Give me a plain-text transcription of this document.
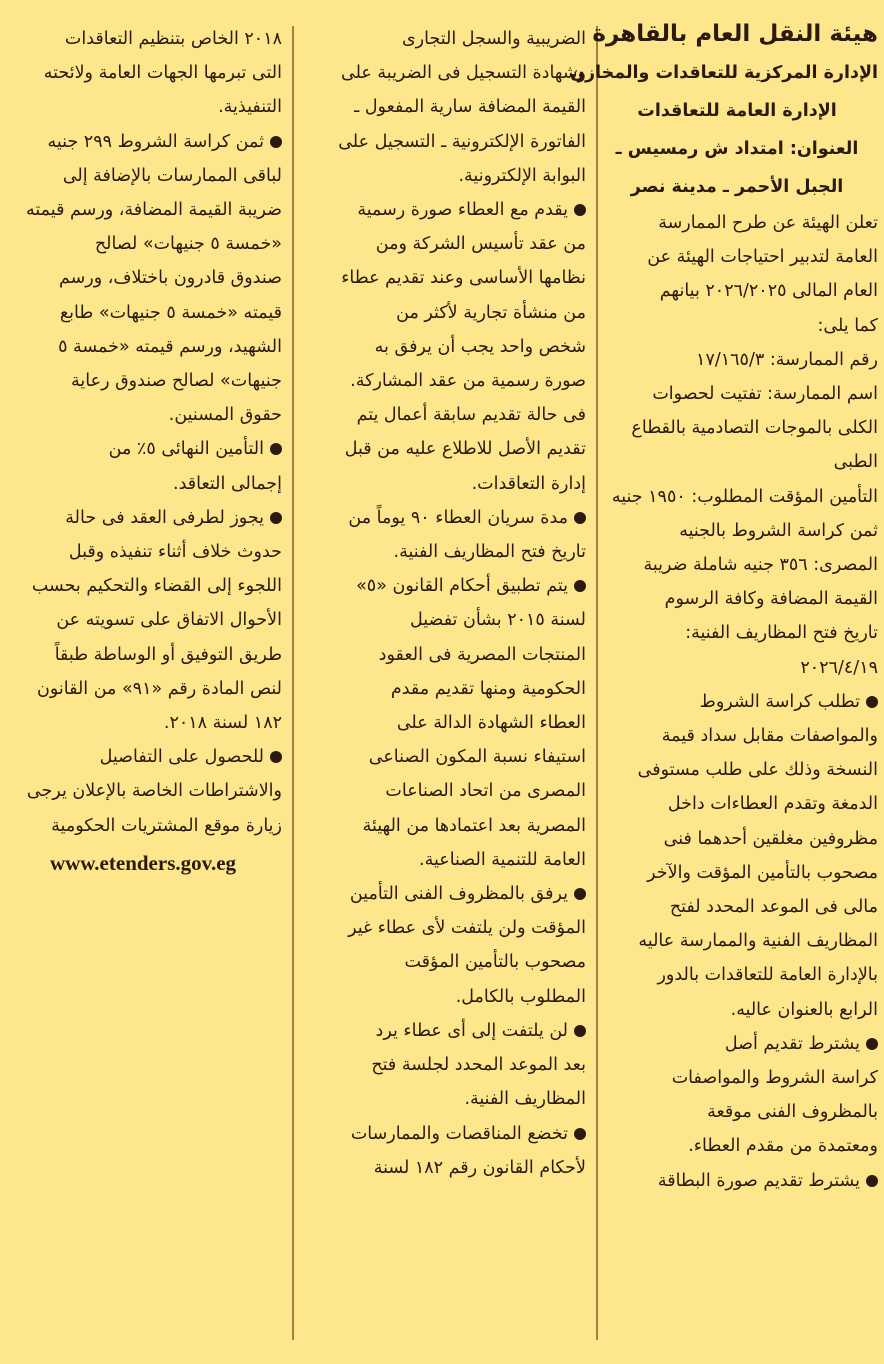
هيئة النقل العام بالقاهرة
الإدارة المركزية للتعاقدات والمخازن
الإدارة العامة للتعاقدات
العنوان: امتداد ش رمسيس ـ
الجبل الأحمر ـ مدينة نصر
تعلن الهيئة عن طرح الممارسة
العامة لتدبير احتياجات الهيئة عن
العام المالى ٢٠٢٦/٢٠٢٥ بيانهم
كما يلى:
رقم الممارسة: ١٧/١٦٥/٣
اسم الممارسة: تفتيت لحصوات
الكلى بالموجات التصادمية بالقطاع
الطبى
التأمين المؤقت المطلوب: ١٩٥٠ جنيه
ثمن كراسة الشروط بالجنيه
المصرى: ٣٥٦ جنيه شاملة ضريبة
القيمة المضافة وكافة الرسوم
تاريخ فتح المظاريف الفنية:
٢٠٢٦/٤/١٩
تطلب كراسة الشروط
والمواصفات مقابل سداد قيمة
النسخة وذلك على طلب مستوفى
الدمغة وتقدم العطاءات داخل
مظروفين مغلقين أحدهما فنى
مصحوب بالتأمين المؤقت والآخر
مالى فى الموعد المحدد لفتح
المظاريف الفنية والممارسة عاليه
بالإدارة العامة للتعاقدات بالدور
الرابع بالعنوان عاليه.
يشترط تقديم أصل
كراسة الشروط والمواصفات
بالمظروف الفنى موقعة
ومعتمدة من مقدم العطاء.
يشترط تقديم صورة البطاقة
الضريبية والسجل التجارى
وشهادة التسجيل فى الضريبة على
القيمة المضافة سارية المفعول ـ
الفاتورة الإلكترونية ـ التسجيل على
البوابة الإلكترونية.
يقدم مع العطاء صورة رسمية
من عقد تأسيس الشركة ومن
نظامها الأساسى وعند تقديم عطاء
من منشأة تجارية لأكثر من
شخص واحد يجب أن يرفق به
صورة رسمية من عقد المشاركة.
فى حالة تقديم سابقة أعمال يتم
تقديم الأصل للاطلاع عليه من قبل
إدارة التعاقدات.
مدة سريان العطاء ٩٠ يوماً من
تاريخ فتح المظاريف الفنية.
يتم تطبيق أحكام القانون «٥»
لسنة ٢٠١٥ بشأن تفضيل
المنتجات المصرية فى العقود
الحكومية ومنها تقديم مقدم
العطاء الشهادة الدالة على
استيفاء نسبة المكون الصناعى
المصرى من اتحاد الصناعات
المصرية بعد اعتمادها من الهيئة
العامة للتنمية الصناعية.
يرفق بالمظروف الفنى التأمين
المؤقت ولن يلتفت لأى عطاء غير
مصحوب بالتأمين المؤقت
المطلوب بالكامل.
لن يلتفت إلى أى عطاء يرد
بعد الموعد المحدد لجلسة فتح
المظاريف الفنية.
تخضع المناقصات والممارسات
لأحكام القانون رقم ١٨٢ لسنة
٢٠١٨ الخاص بتنظيم التعاقدات
التى تبرمها الجهات العامة ولائحته
التنفيذية.
ثمن كراسة الشروط ٢٩٩ جنيه
لباقى الممارسات بالإضافة إلى
ضريبة القيمة المضافة، ورسم قيمته
«خمسة ٥ جنيهات» لصالح
صندوق قادرون باختلاف، ورسم
قيمته «خمسة ٥ جنيهات» طابع
الشهيد، ورسم قيمته «خمسة ٥
جنيهات» لصالح صندوق رعاية
حقوق المسنين.
التأمين النهائى ٥٪ من
إجمالى التعاقد.
يجوز لطرفى العقد فى حالة
حدوث خلاف أثناء تنفيذه وقبل
اللجوء إلى القضاء والتحكيم بحسب
الأحوال الاتفاق على تسويته عن
طريق التوفيق أو الوساطة طبقاً
لنص المادة رقم «٩١» من القانون
١٨٢ لسنة ٢٠١٨.
للحصول على التفاصيل
والاشتراطات الخاصة بالإعلان يرجى
زيارة موقع المشتريات الحكومية
www.etenders.gov.eg
